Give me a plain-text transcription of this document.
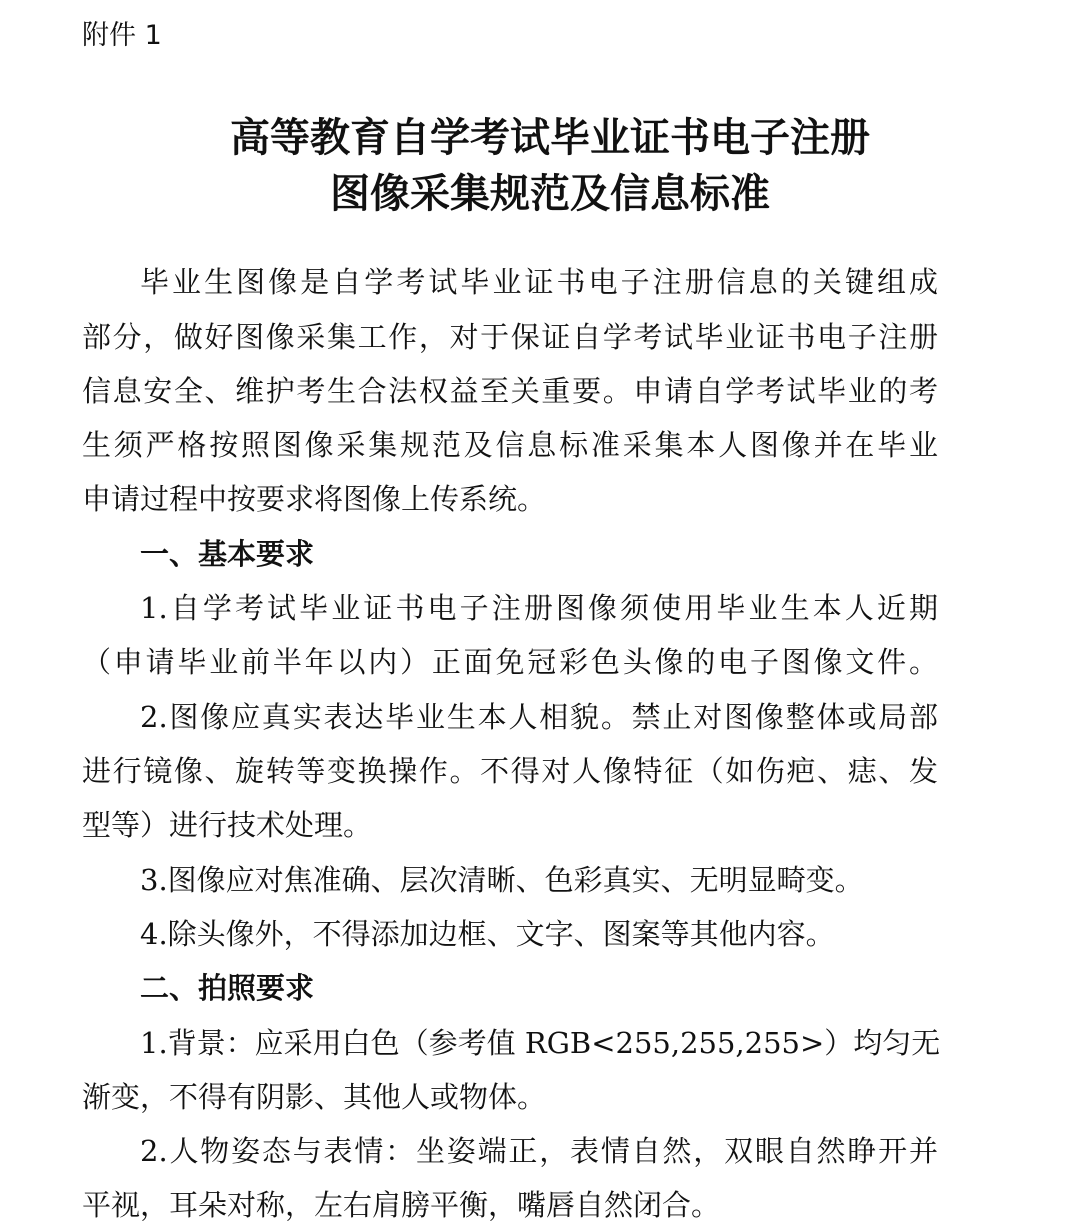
附件 1
高等教育自学考试毕业证书电子注册
图像采集规范及信息标准
毕业生图像是自学考试毕业证书电子注册信息的关键组成
部分，做好图像采集工作，对于保证自学考试毕业证书电子注册
信息安全、维护考生合法权益至关重要。申请自学考试毕业的考
生须严格按照图像采集规范及信息标准采集本人图像并在毕业
申请过程中按要求将图像上传系统。
一、基本要求
1.自学考试毕业证书电子注册图像须使用毕业生本人近期
（申请毕业前半年以内）正面免冠彩色头像的电子图像文件。
2.图像应真实表达毕业生本人相貌。禁止对图像整体或局部
进行镜像、旋转等变换操作。不得对人像特征（如伤疤、痣、发
型等）进行技术处理。
3.图像应对焦准确、层次清晰、色彩真实、无明显畸变。
4.除头像外，不得添加边框、文字、图案等其他内容。
二、拍照要求
1.背景：应采用白色（参考值 RGB<255,255,255>）均匀无
渐变，不得有阴影、其他人或物体。
2.人物姿态与表情：坐姿端正，表情自然，双眼自然睁开并
平视，耳朵对称，左右肩膀平衡，嘴唇自然闭合。
